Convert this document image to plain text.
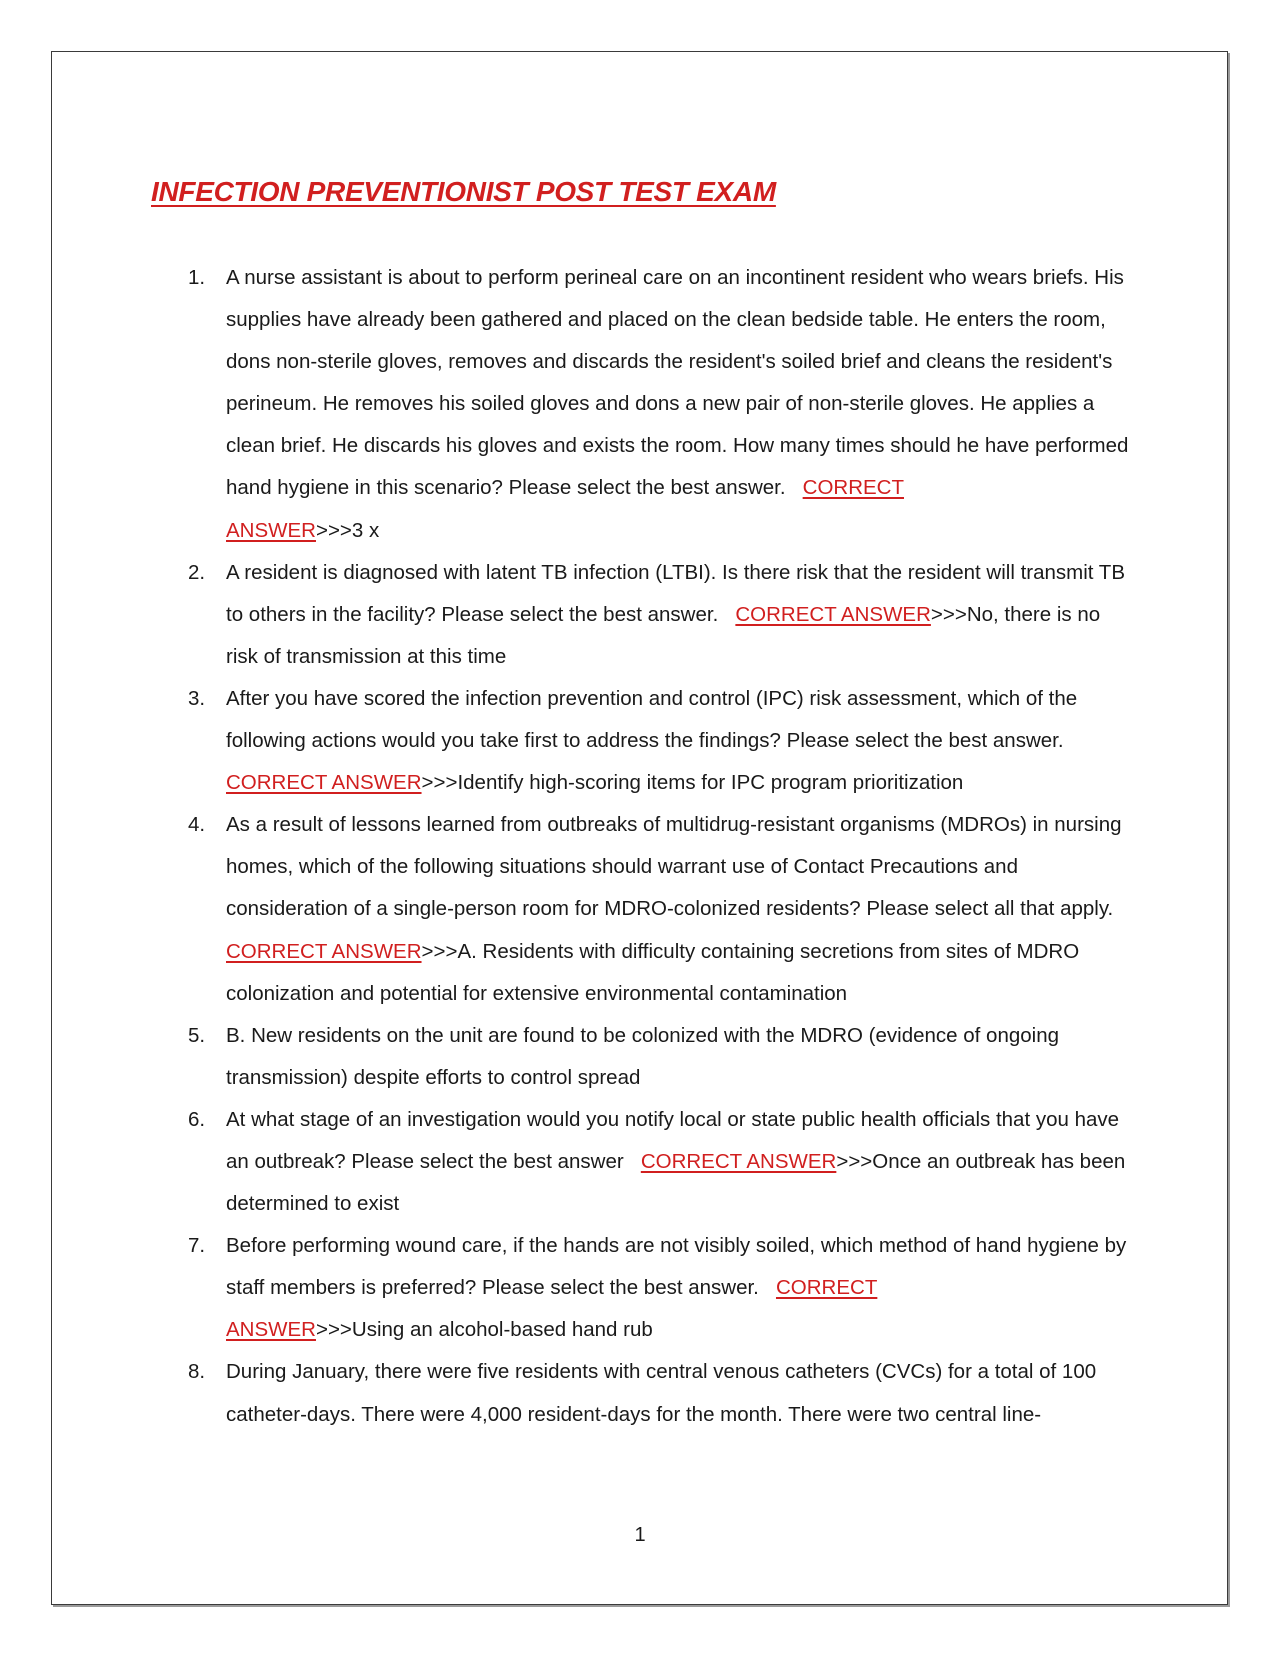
INFECTION PREVENTIONIST POST TEST EXAM
1. A nurse assistant is about to perform perineal care on an incontinent resident who wears briefs. His supplies have already been gathered and placed on the clean bedside table. He enters the room, dons non-sterile gloves, removes and discards the resident's soiled brief and cleans the resident's perineum. He removes his soiled gloves and dons a new pair of non-sterile gloves. He applies a clean brief. He discards his gloves and exists the room. How many times should he have performed hand hygiene in this scenario? Please select the best answer. CORRECT
ANSWER>>>3 x
2. A resident is diagnosed with latent TB infection (LTBI). Is there risk that the resident will transmit TB to others in the facility? Please select the best answer. CORRECT ANSWER>>>No, there is no risk of transmission at this time
3. After you have scored the infection prevention and control (IPC) risk assessment, which of the following actions would you take first to address the findings? Please select the best answer.
CORRECT ANSWER>>>Identify high-scoring items for IPC program prioritization
4. As a result of lessons learned from outbreaks of multidrug-resistant organisms (MDROs) in nursing homes, which of the following situations should warrant use of Contact Precautions and consideration of a single-person room for MDRO-colonized residents? Please select all that apply.   CORRECT ANSWER>>>A. Residents with difficulty containing secretions from sites of MDRO colonization and potential for extensive environmental contamination
5. B. New residents on the unit are found to be colonized with the MDRO (evidence of ongoing transmission) despite efforts to control spread
6. At what stage of an investigation would you notify local or state public health officials that you have an outbreak? Please select the best answer CORRECT ANSWER>>>Once an outbreak has been determined to exist
7. Before performing wound care, if the hands are not visibly soiled, which method of hand hygiene by staff members is preferred? Please select the best answer. CORRECT
ANSWER>>>Using an alcohol-based hand rub
8. During January, there were five residents with central venous catheters (CVCs) for a total of 100 catheter-days. There were 4,000 resident-days for the month. There were two central line-
1
